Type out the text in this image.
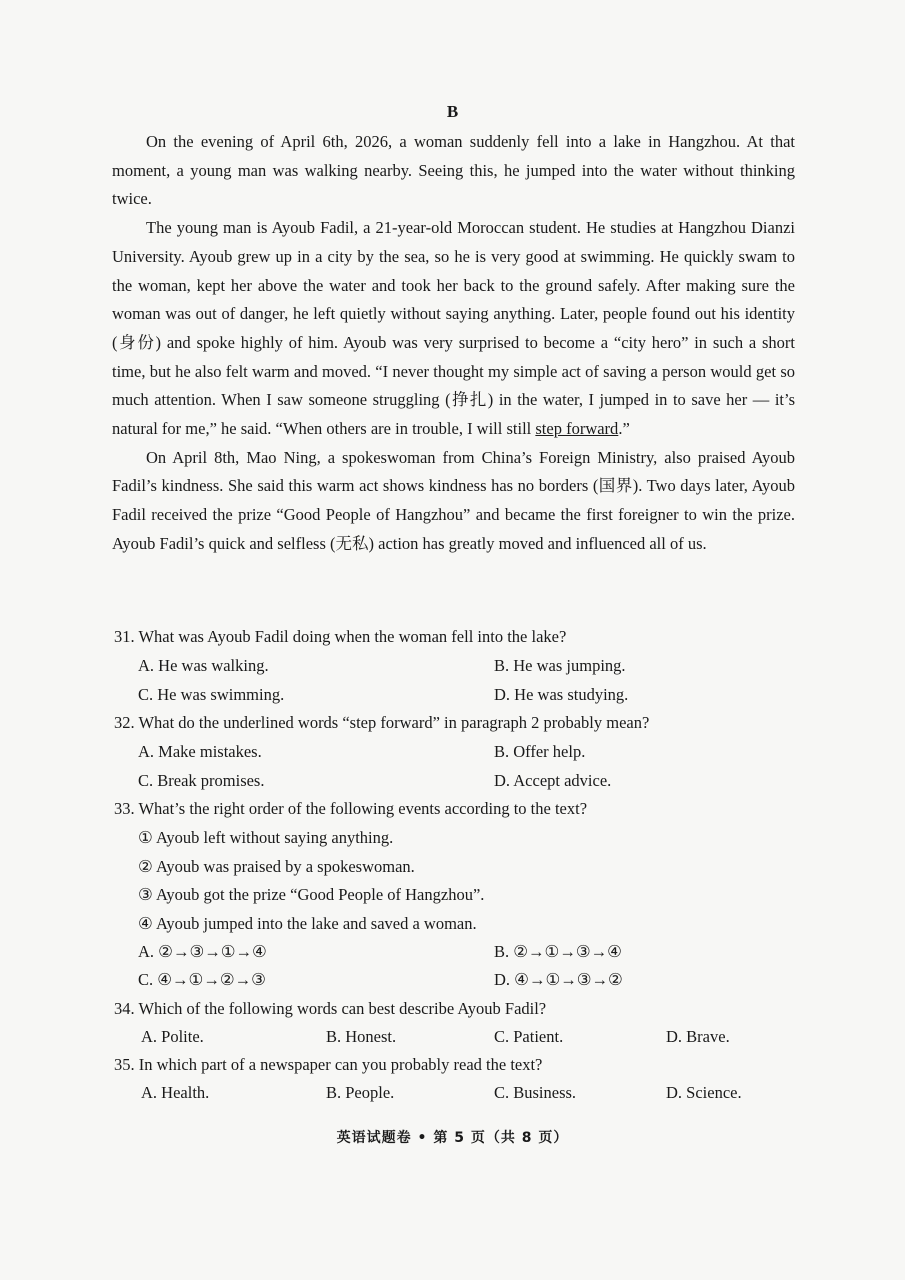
B

On the evening of April 6th, 2026, a woman suddenly fell into a lake in Hangzhou. At that moment, a young man was walking nearby. Seeing this, he jumped into the water without thinking twice.

The young man is Ayoub Fadil, a 21-year-old Moroccan student. He studies at Hangzhou Dianzi University. Ayoub grew up in a city by the sea, so he is very good at swimming. He quickly swam to the woman, kept her above the water and took her back to the ground safely. After making sure the woman was out of danger, he left quietly without saying anything. Later, people found out his identity (身份) and spoke highly of him. Ayoub was very surprised to become a “city hero” in such a short time, but he also felt warm and moved. “I never thought my simple act of saving a person would get so much attention. When I saw someone struggling (挣扎) in the water, I jumped in to save her — it’s natural for me,” he said. “When others are in trouble, I will still step forward.”

On April 8th, Mao Ning, a spokeswoman from China’s Foreign Ministry, also praised Ayoub Fadil’s kindness. She said this warm act shows kindness has no borders (国界). Two days later, Ayoub Fadil received the prize “Good People of Hangzhou” and became the first foreigner to win the prize. Ayoub Fadil’s quick and selfless (无私) action has greatly moved and influenced all of us.

31. What was Ayoub Fadil doing when the woman fell into the lake?
A. He was walking.	B. He was jumping.
C. He was swimming.	D. He was studying.
32. What do the underlined words “step forward” in paragraph 2 probably mean?
A. Make mistakes.	B. Offer help.
C. Break promises.	D. Accept advice.
33. What’s the right order of the following events according to the text?
① Ayoub left without saying anything.
② Ayoub was praised by a spokeswoman.
③ Ayoub got the prize “Good People of Hangzhou”.
④ Ayoub jumped into the lake and saved a woman.
A. ②→③→①→④	B. ②→①→③→④
C. ④→①→②→③	D. ④→①→③→②
34. Which of the following words can best describe Ayoub Fadil?
A. Polite.	B. Honest.	C. Patient.	D. Brave.
35. In which part of a newspaper can you probably read the text?
A. Health.	B. People.	C. Business.	D. Science.
英语试题卷 • 第 5 页（共 8 页）
